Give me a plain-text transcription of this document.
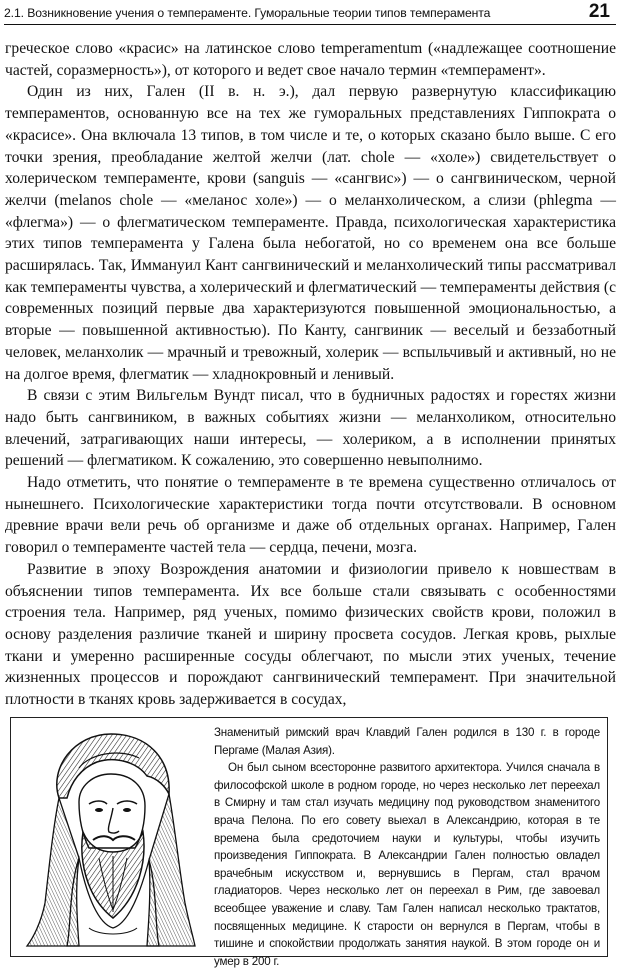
2.1. Возникновение учения о темпераменте. Гуморальные теории типов темперамента	21

греческое слово «красис» на латинское слово temperamentum («надлежащее соотношение частей, соразмерность»), от которого и ведет свое начало термин «темперамент».

Один из них, Гален (II в. н. э.), дал первую развернутую классификацию темпераментов, основанную все на тех же гуморальных представлениях Гиппократа о «красисе». Она включала 13 типов, в том числе и те, о которых сказано было выше. С его точки зрения, преобладание желтой желчи (лат. chole — «холе») свидетельствует о холерическом темпераменте, крови (sanguis — «сангвис») — о сангвиническом, черной желчи (melanos chole — «меланос холе») — о меланхолическом, а слизи (phlegma — «флегма») — о флегматическом темпераменте. Правда, психологическая характеристика этих типов темперамента у Галена была небогатой, но со временем она все больше расширялась. Так, Иммануил Кант сангвинический и меланхолический типы рассматривал как темпераменты чувства, а холерический и флегматический — темпераменты действия (с современных позиций первые два характеризуются повышенной эмоциональностью, а вторые — повышенной активностью). По Канту, сангвиник — веселый и беззаботный человек, меланхолик — мрачный и тревожный, холерик — вспыльчивый и активный, но не на долгое время, флегматик — хладнокровный и ленивый.

В связи с этим Вильгельм Вундт писал, что в будничных радостях и горестях жизни надо быть сангвиником, в важных событиях жизни — меланхоликом, относительно влечений, затрагивающих наши интересы, — холериком, а в исполнении принятых решений — флегматиком. К сожалению, это совершенно невыполнимо.

Надо отметить, что понятие о темпераменте в те времена существенно отличалось от нынешнего. Психологические характеристики тогда почти отсутствовали. В основном древние врачи вели речь об организме и даже об отдельных органах. Например, Гален говорил о темпераменте частей тела — сердца, печени, мозга.

Развитие в эпоху Возрождения анатомии и физиологии привело к новшествам в объяснении типов темперамента. Их все больше стали связывать с особенностями строения тела. Например, ряд ученых, помимо физических свойств крови, положил в основу разделения различие тканей и ширину просвета сосудов. Легкая кровь, рыхлые ткани и умеренно расширенные сосуды облегчают, по мысли этих ученых, течение жизненных процессов и порождают сангвинический темперамент. При значительной плотности в тканях кровь задерживается в сосудах,

Знаменитый римский врач Клавдий Гален родился в 130 г. в городе Пергаме (Малая Азия).

Он был сыном всесторонне развитого архитектора. Учился сначала в философской школе в родном городе, но через несколько лет переехал в Смирну и там стал изучать медицину под руководством знаменитого врача Пелона. По его совету выехал в Александрию, которая в те времена была средоточием науки и культуры, чтобы изучить произведения Гиппократа. В Александрии Гален полностью овладел врачебным искусством и, вернувшись в Пергам, стал врачом гладиаторов. Через несколько лет он переехал в Рим, где завоевал всеобщее уважение и славу. Там Гален написал несколько трактатов, посвященных медицине. К старости он вернулся в Пергам, чтобы в тишине и спокойствии продолжать занятия наукой. В этом городе он и умер в 200 г.
